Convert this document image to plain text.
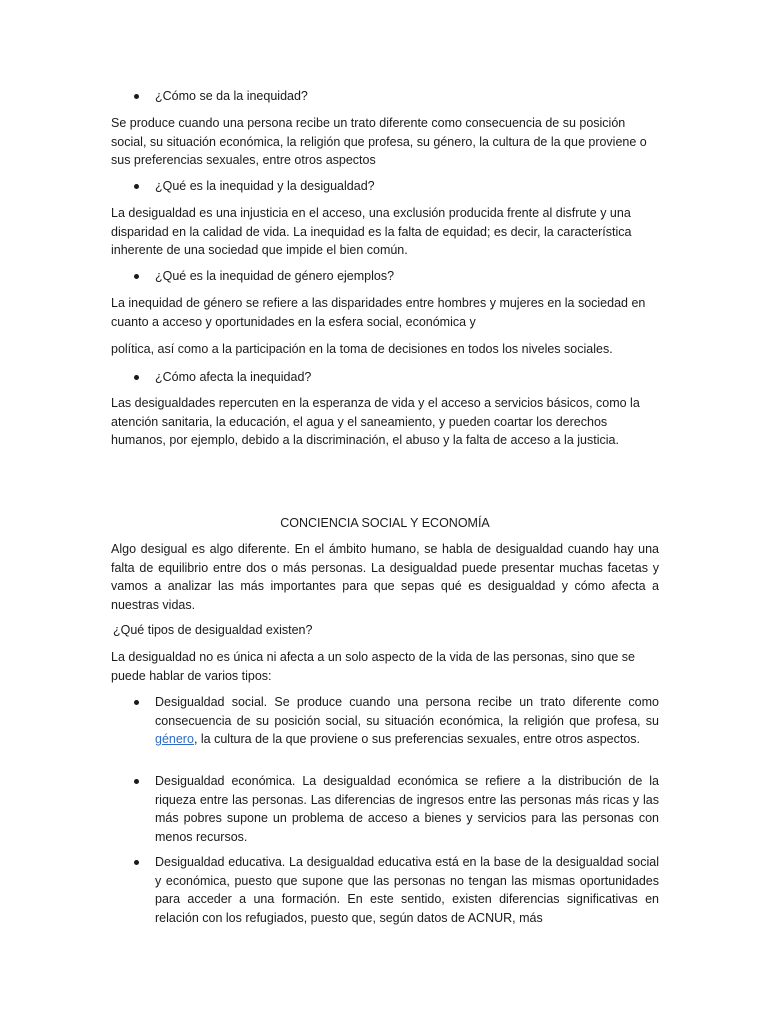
¿Cómo se da la inequidad?

Se produce cuando una persona recibe un trato diferente como consecuencia de su posición social, su situación económica, la religión que profesa, su género, la cultura de la que proviene o sus preferencias sexuales, entre otros aspectos

¿Qué es la inequidad y la desigualdad?

La desigualdad es una injusticia en el acceso, una exclusión producida frente al disfrute y una disparidad en la calidad de vida. La inequidad es la falta de equidad; es decir, la característica inherente de una sociedad que impide el bien común.

¿Qué es la inequidad de género ejemplos?

La inequidad de género se refiere a las disparidades entre hombres y mujeres en la sociedad en cuanto a acceso y oportunidades en la esfera social, económica y

política, así como a la participación en la toma de decisiones en todos los niveles sociales.

¿Cómo afecta la inequidad?

Las desigualdades repercuten en la esperanza de vida y el acceso a servicios básicos, como la atención sanitaria, la educación, el agua y el saneamiento, y pueden coartar los derechos humanos, por ejemplo, debido a la discriminación, el abuso y la falta de acceso a la justicia.

CONCIENCIA SOCIAL Y ECONOMÍA

Algo desigual es algo diferente. En el ámbito humano, se habla de desigualdad cuando hay una falta de equilibrio entre dos o más personas. La desigualdad puede presentar muchas facetas y vamos a analizar las más importantes para que sepas qué es desigualdad y cómo afecta a nuestras vidas.

¿Qué tipos de desigualdad existen?

La desigualdad no es única ni afecta a un solo aspecto de la vida de las personas, sino que se puede hablar de varios tipos:

Desigualdad social. Se produce cuando una persona recibe un trato diferente como consecuencia de su posición social, su situación económica, la religión que profesa, su género, la cultura de la que proviene o sus preferencias sexuales, entre otros aspectos.
Desigualdad económica. La desigualdad económica se refiere a la distribución de la riqueza entre las personas. Las diferencias de ingresos entre las personas más ricas y las más pobres supone un problema de acceso a bienes y servicios para las personas con menos recursos.
Desigualdad educativa. La desigualdad educativa está en la base de la desigualdad social y económica, puesto que supone que las personas no tengan las mismas oportunidades para acceder a una formación. En este sentido, existen diferencias significativas en relación con los refugiados, puesto que, según datos de ACNUR, más
